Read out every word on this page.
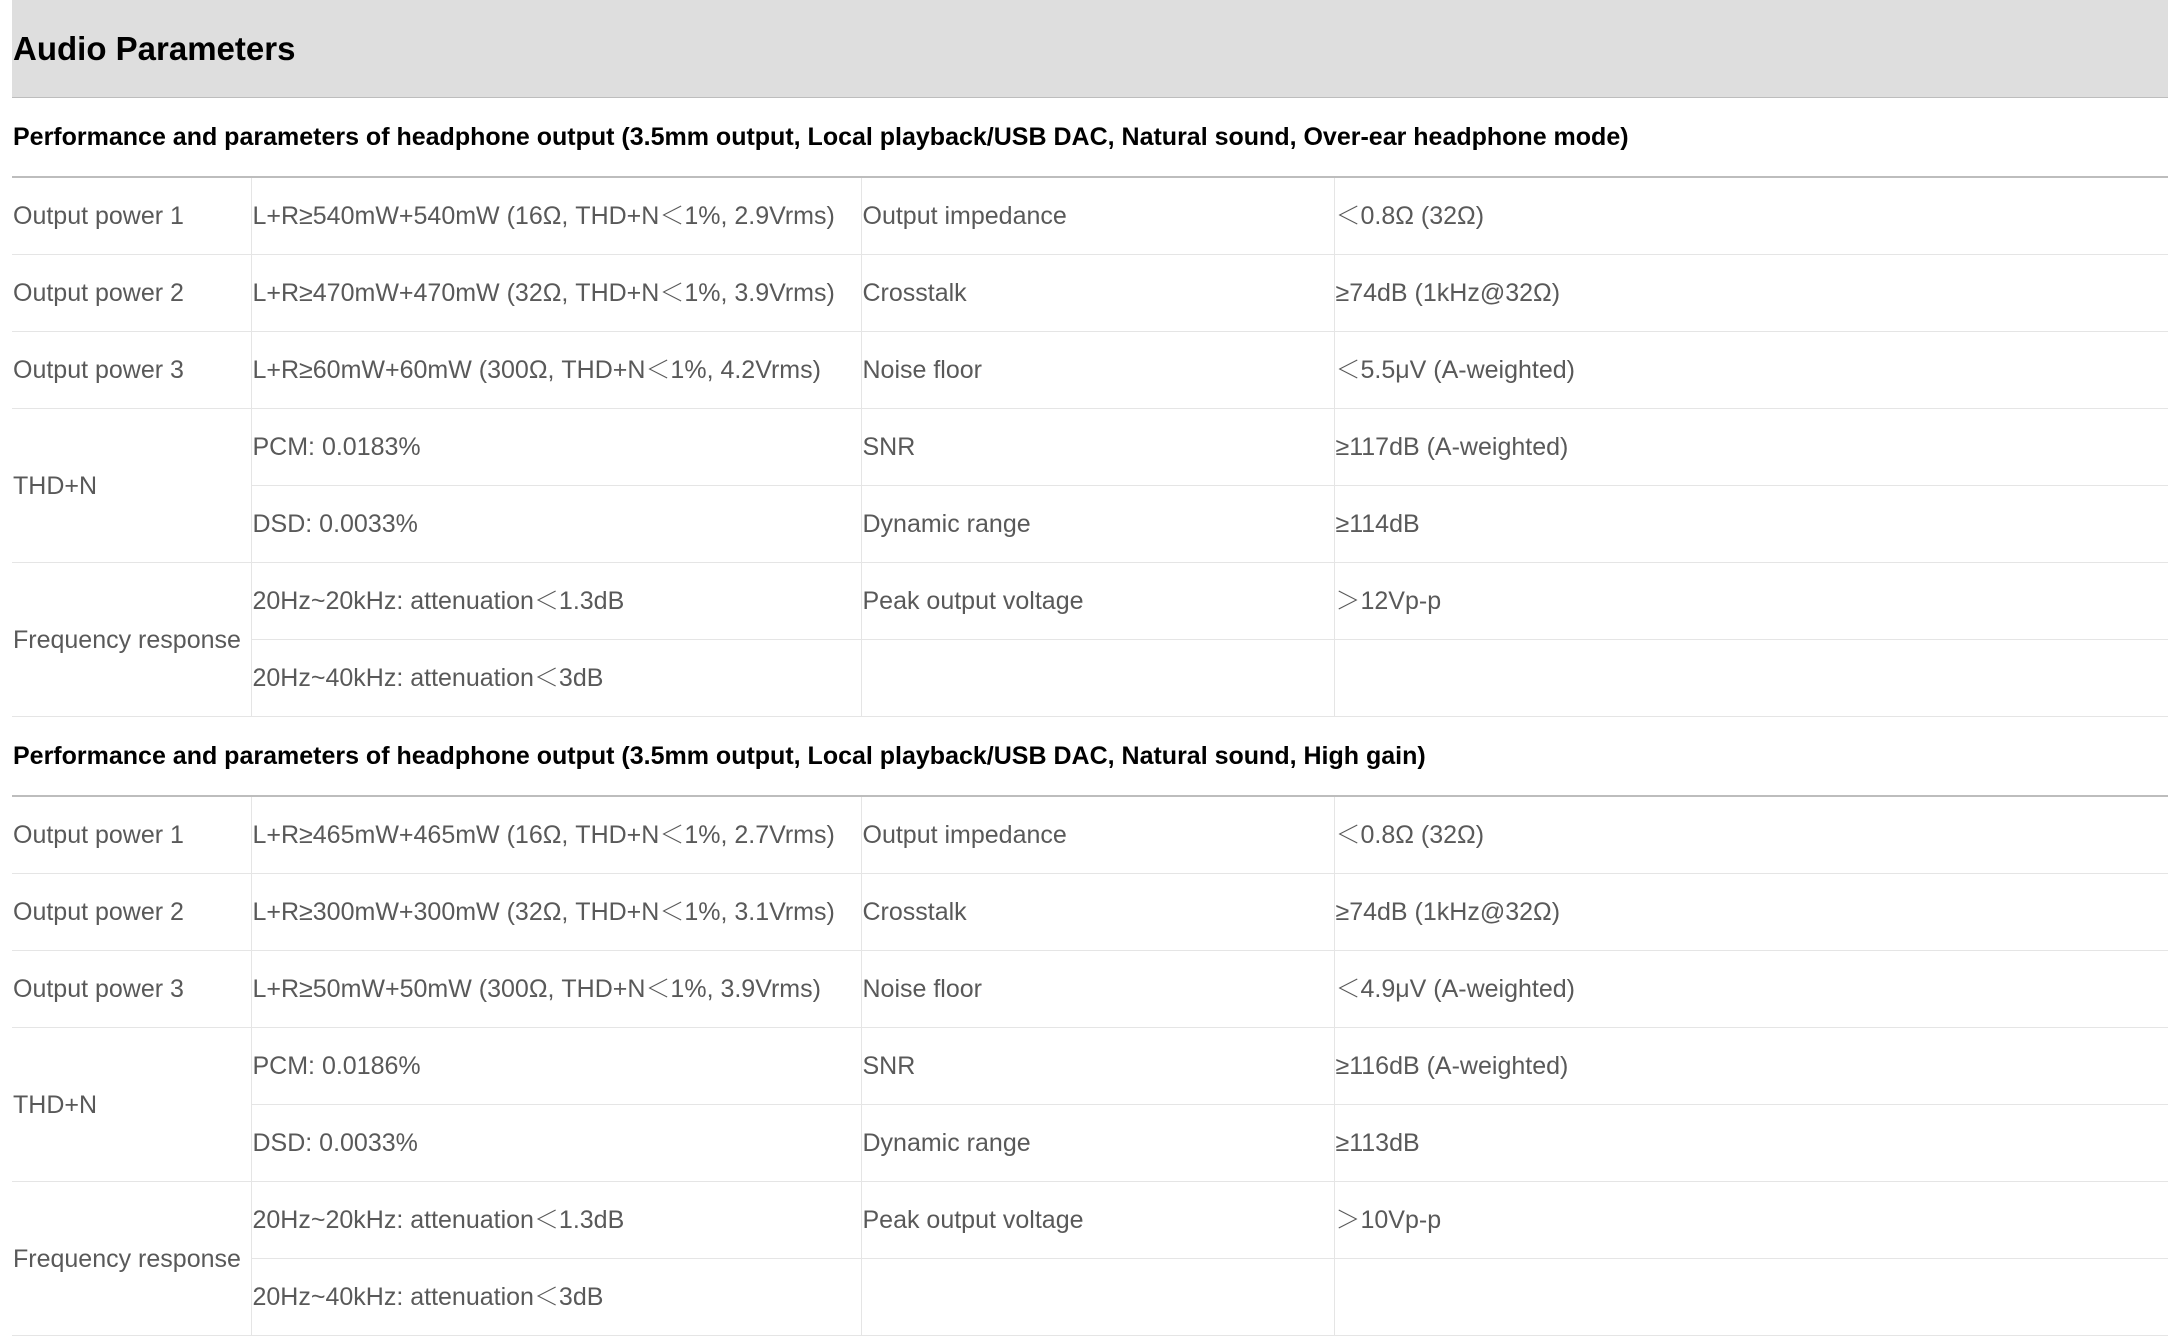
Audio Parameters			
Performance and parameters of headphone output (3.5mm output, Local playback/USB DAC, Natural sound, Over-ear headphone mode)			
Output power 1	L+R≥540mW+540mW (16Ω, THD+N＜1%, 2.9Vrms)	Output impedance	＜0.8Ω (32Ω)
Output power 2	L+R≥470mW+470mW (32Ω, THD+N＜1%, 3.9Vrms)	Crosstalk	≥74dB (1kHz@32Ω)
Output power 3	L+R≥60mW+60mW (300Ω, THD+N＜1%, 4.2Vrms)	Noise floor	＜5.5μV (A-weighted)
THD+N	PCM: 0.0183%	SNR	≥117dB (A-weighted)
	DSD: 0.0033%	Dynamic range	≥114dB
Frequency response	20Hz~20kHz: attenuation＜1.3dB	Peak output voltage	＞12Vp-p
	20Hz~40kHz: attenuation＜3dB		
Performance and parameters of headphone output (3.5mm output, Local playback/USB DAC, Natural sound, High gain)			
Output power 1	L+R≥465mW+465mW (16Ω, THD+N＜1%, 2.7Vrms)	Output impedance	＜0.8Ω (32Ω)
Output power 2	L+R≥300mW+300mW (32Ω, THD+N＜1%, 3.1Vrms)	Crosstalk	≥74dB (1kHz@32Ω)
Output power 3	L+R≥50mW+50mW (300Ω, THD+N＜1%, 3.9Vrms)	Noise floor	＜4.9μV (A-weighted)
THD+N	PCM: 0.0186%	SNR	≥116dB (A-weighted)
	DSD: 0.0033%	Dynamic range	≥113dB
Frequency response	20Hz~20kHz: attenuation＜1.3dB	Peak output voltage	＞10Vp-p
	20Hz~40kHz: attenuation＜3dB		
